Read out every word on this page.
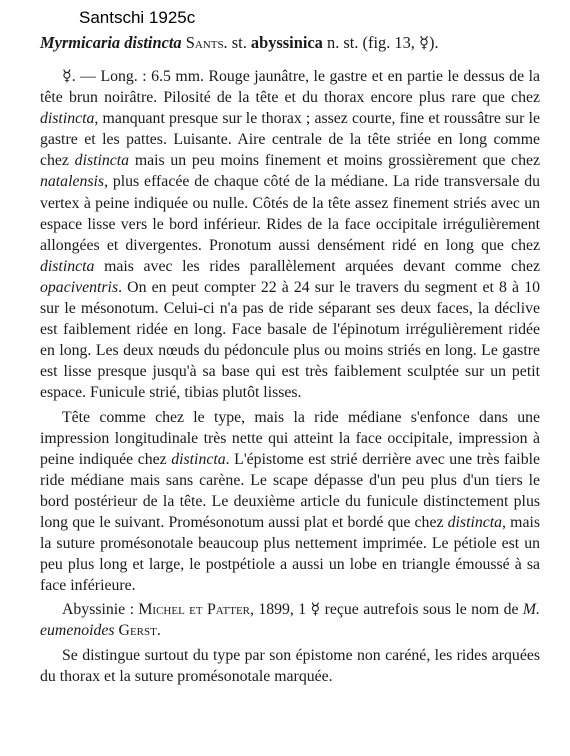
Santschi 1925c
Myrmicaria distincta Sants. st. abyssinica n. st. (fig. 13, ☿).

☿. — Long. : 6.5 mm. Rouge jaunâtre, le gastre et en partie le dessus de la tête brun noirâtre. Pilosité de la tête et du thorax encore plus rare que chez distincta, manquant presque sur le thorax ; assez courte, fine et roussâtre sur le gastre et les pattes. Luisante. Aire centrale de la tête striée en long comme chez distincta mais un peu moins finement et moins grossièrement que chez natalensis, plus effacée de chaque côté de la médiane. La ride transversale du vertex à peine indiquée ou nulle. Côtés de la tête assez finement striés avec un espace lisse vers le bord inférieur. Rides de la face occipitale irrégulièrement allongées et divergentes. Pronotum aussi densément ridé en long que chez distincta mais avec les rides parallèlement arquées devant comme chez opaciventris. On en peut compter 22 à 24 sur le travers du segment et 8 à 10 sur le mésonotum. Celui-ci n'a pas de ride séparant ses deux faces, la déclive est faiblement ridée en long. Face basale de l'épinotum irrégulièrement ridée en long. Les deux nœuds du pédoncule plus ou moins striés en long. Le gastre est lisse presque jusqu'à sa base qui est très faiblement sculptée sur un petit espace. Funicule strié, tibias plutôt lisses.

Tête comme chez le type, mais la ride médiane s'enfonce dans une impression longitudinale très nette qui atteint la face occipitale, impression à peine indiquée chez distincta. L'épistome est strié derrière avec une très faible ride médiane mais sans carène. Le scape dépasse d'un peu plus d'un tiers le bord postérieur de la tête. Le deuxième article du funicule distinctement plus long que le suivant. Promésonotum aussi plat et bordé que chez distincta, mais la suture promésonotale beaucoup plus nettement imprimée. Le pétiole est un peu plus long et large, le postpétiole a aussi un lobe en triangle émoussé à sa face inférieure.

Abyssinie : Michel et Patter, 1899, 1 ☿ reçue autrefois sous le nom de M. eumenoides Gerst.

Se distingue surtout du type par son épistome non caréné, les rides arquées du thorax et la suture promésonotale marquée.
